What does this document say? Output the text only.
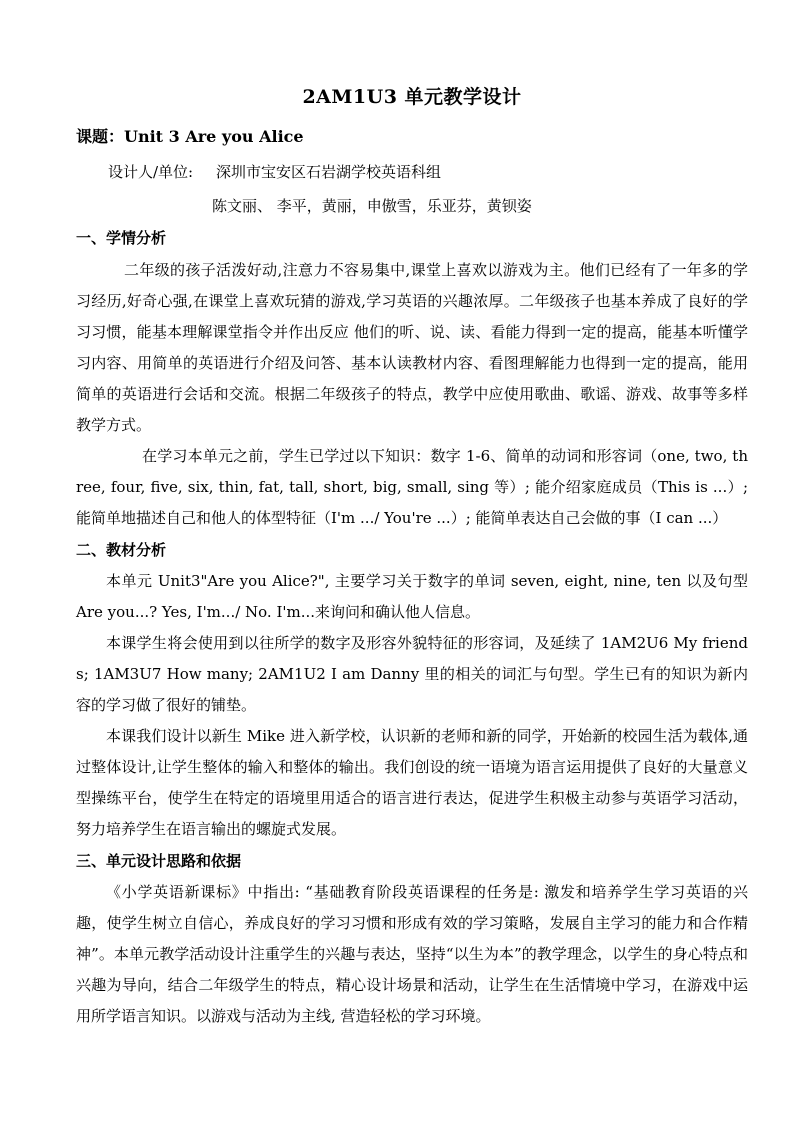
2AM1U3 单元教学设计
课题：Unit 3 Are you Alice
设计人/单位: 深圳市宝安区石岩湖学校英语科组
陈文丽、 李平，黄丽，申傲雪，乐亚芬，黄钡姿
一、学情分析
二年级的孩子活泼好动,注意力不容易集中,课堂上喜欢以游戏为主。他们已经有了一年多的学习经历,好奇心强,在课堂上喜欢玩猜的游戏,学习英语的兴趣浓厚。二年级孩子也基本养成了良好的学习习惯，能基本理解课堂指令并作出反应 他们的听、说、读、看能力得到一定的提高，能基本听懂学习内容、用简单的英语进行介绍及问答、基本认读教材内容、看图理解能力也得到一定的提高，能用简单的英语进行会话和交流。根据二年级孩子的特点，教学中应使用歌曲、歌谣、游戏、故事等多样教学方式。
在学习本单元之前，学生已学过以下知识：数字 1-6、简单的动词和形容词（one, two, three, four, five, six, thin, fat, tall, short, big, small, sing 等）; 能介绍家庭成员（This is ...）; 能简单地描述自己和他人的体型特征（I'm .../ You're ...）; 能简单表达自己会做的事（I can ...）
二、教材分析
本单元 Unit3"Are you Alice?", 主要学习关于数字的单词 seven, eight, nine, ten 以及句型 Are you...? Yes, I'm.../ No. I'm...来询问和确认他人信息。
本课学生将会使用到以往所学的数字及形容外貌特征的形容词，及延续了 1AM2U6 My friends; 1AM3U7 How many; 2AM1U2 I am Danny 里的相关的词汇与句型。学生已有的知识为新内容的学习做了很好的铺垫。
本课我们设计以新生 Mike 进入新学校，认识新的老师和新的同学，开始新的校园生活为载体,通过整体设计,让学生整体的输入和整体的输出。我们创设的统一语境为语言运用提供了良好的大量意义型操练平台，使学生在特定的语境里用适合的语言进行表达，促进学生积极主动参与英语学习活动，努力培养学生在语言输出的螺旋式发展。
三、单元设计思路和依据
《小学英语新课标》中指出: “基础教育阶段英语课程的任务是: 激发和培养学生学习英语的兴趣，使学生树立自信心，养成良好的学习习惯和形成有效的学习策略，发展自主学习的能力和合作精神”。本单元教学活动设计注重学生的兴趣与表达，坚持“以生为本”的教学理念，以学生的身心特点和兴趣为导向，结合二年级学生的特点，精心设计场景和活动，让学生在生活情境中学习，在游戏中运用所学语言知识。以游戏与活动为主线, 营造轻松的学习环境。
